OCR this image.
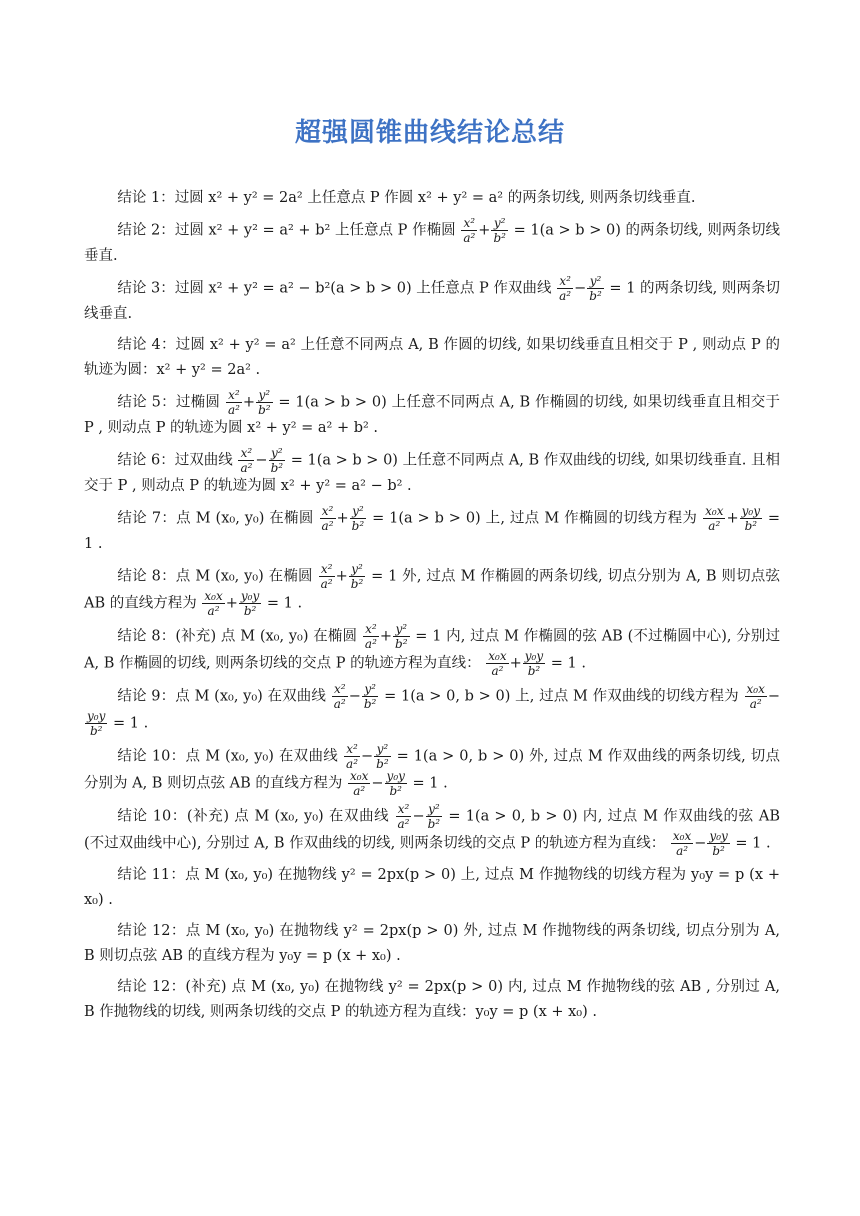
超强圆锥曲线结论总结

结论 1：过圆 x² + y² = 2a² 上任意点 P 作圆 x² + y² = a² 的两条切线, 则两条切线垂直.

结论 2：过圆 x² + y² = a² + b² 上任意点 P 作椭圆 $\frac{\text{x²}}{\text{a²}} + \frac{\text{y²}}{\text{b²}} = 1(a > b > 0)$ 的两条切线, 则两条切线垂直.

结论 3：过圆 x² + y² = a² − b²(a > b > 0) 上任意点 P 作双曲线 $\frac{\text{x²}}{\text{a²}} - \frac{\text{y²}}{\text{b²}} = 1$ 的两条切线, 则两条切线垂直.

结论 4：过圆 x² + y² = a² 上任意不同两点 A, B 作圆的切线, 如果切线垂直且相交于 P , 则动点 P 的轨迹为圆：x² + y² = 2a² .

结论 5：过椭圆 $\frac{\text{x²}}{\text{a²}} + \frac{\text{y²}}{\text{b²}} = 1(a > b > 0)$ 上任意不同两点 A, B 作椭圆的切线, 如果切线垂直且相交于 P , 则动点 P 的轨迹为圆 x² + y² = a² + b² .

结论 6：过双曲线 $\frac{\text{x²}}{\text{a²}} - \frac{\text{y²}}{\text{b²}} = 1(a > b > 0)$ 上任意不同两点 A, B 作双曲线的切线, 如果切线垂直. 且相交于 P , 则动点 P 的轨迹为圆 x² + y² = a² − b² .

结论 7：点 M (x₀, y₀) 在椭圆 $\frac{\text{x²}}{\text{a²}} + \frac{\text{y²}}{\text{b²}} = 1(a > b > 0)$ 上, 过点 M 作椭圆的切线方程为 $\frac{\text{x₀x}}{\text{a²}} + \frac{\text{y₀y}}{\text{b²}} = 1$ .

结论 8：点 M (x₀, y₀) 在椭圆 $\frac{\text{x²}}{\text{a²}} + \frac{\text{y²}}{\text{b²}} = 1$ 外, 过点 M 作椭圆的两条切线, 切点分别为 A, B 则切点弦 AB 的直线方程为 $\frac{\text{x₀x}}{\text{a²}} + \frac{\text{y₀y}}{\text{b²}} = 1$ .

结论 8：(补充) 点 M (x₀, y₀) 在椭圆 $\frac{\text{x²}}{\text{a²}} + \frac{\text{y²}}{\text{b²}} = 1$ 内, 过点 M 作椭圆的弦 AB (不过椭圆中心), 分别过 A, B 作椭圆的切线, 则两条切线的交点 P 的轨迹方程为直线： $\frac{\text{x₀x}}{\text{a²}} + \frac{\text{y₀y}}{\text{b²}} = 1$ .

结论 9：点 M (x₀, y₀) 在双曲线 $\frac{\text{x²}}{\text{a²}} - \frac{\text{y²}}{\text{b²}} = 1(a > 0$, b > 0) 上, 过点 M 作双曲线的切线方程为 $\frac{\text{x₀x}}{\text{a²}}$ −
$\frac{\text{y₀y}}{\text{b²}} = 1$ .

结论 10：点 M (x₀, y₀) 在双曲线 $\frac{\text{x²}}{\text{a²}} - \frac{\text{y²}}{\text{b²}} = 1(a > 0$, b > 0) 外, 过点 M 作双曲线的两条切线, 切点分别为 A, B 则切点弦 AB 的直线方程为 $\frac{\text{x₀x}}{\text{a²}} - \frac{\text{y₀y}}{\text{b²}} = 1$ .

结论 10：(补充) 点 M (x₀, y₀) 在双曲线 $\frac{\text{x²}}{\text{a²}} - \frac{\text{y²}}{\text{b²}} = 1(a > 0$, b > 0) 内, 过点 M 作双曲线的弦 AB (不过双曲线中心), 分别过 A, B 作双曲线的切线, 则两条切线的交点 P 的轨迹方程为直线： $\frac{\text{x₀x}}{\text{a²}} - \frac{\text{y₀y}}{\text{b²}} = 1$ .

结论 11：点 M (x₀, y₀) 在抛物线 y² = 2px(p > 0) 上, 过点 M 作抛物线的切线方程为 y₀y = p (x + x₀) .

结论 12：点 M (x₀, y₀) 在抛物线 y² = 2px(p > 0) 外, 过点 M 作抛物线的两条切线, 切点分别为 A, B 则切点弦 AB 的直线方程为 y₀y = p (x + x₀) .

结论 12：(补充) 点 M (x₀, y₀) 在抛物线 y² = 2px(p > 0) 内, 过点 M 作抛物线的弦 AB , 分别过 A, B 作抛物线的切线, 则两条切线的交点 P 的轨迹方程为直线：y₀y = p (x + x₀) .
